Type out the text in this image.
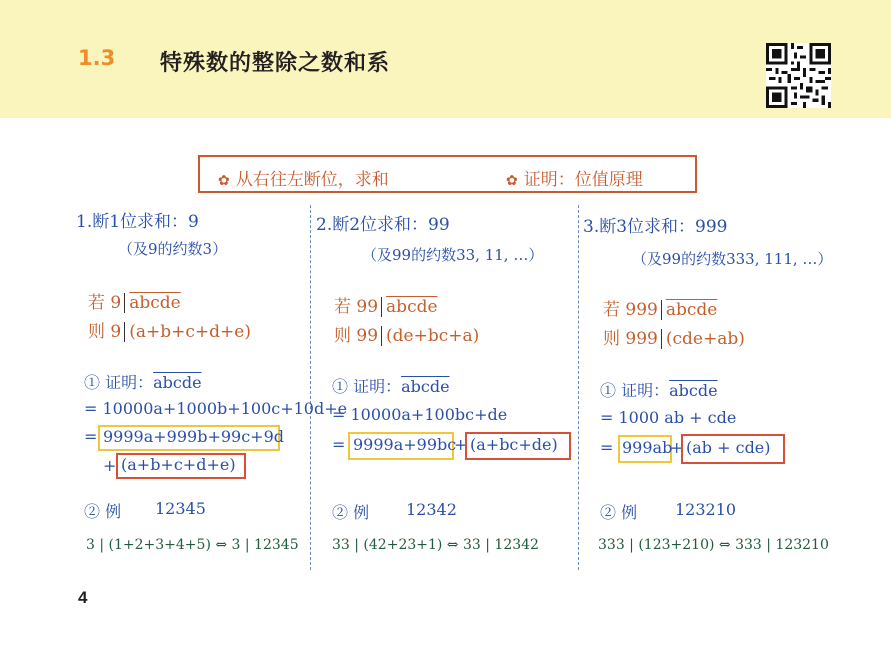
1.3 特殊数的整除之数和系
✿ 从右往左断位，求和	✿ 证明：位值原理
1.断1位求和：9
（及9的约数3）
若 9 abcde
则 9 (a+b+c+d+e)
① 证明：abcde
= 10000a+1000b+100c+10d+e
= 9999a+999b+99c+9d
+ (a+b+c+d+e)
② 例 12345
3 | (1+2+3+4+5) ⇔ 3 | 12345
2.断2位求和：99
（及99的约数33, 11, …）
若 99 abcde
则 99 (de+bc+a)
① 证明：abcde
= 10000a+100bc+de
= 9999a+99bc
+ (a+bc+de)
② 例 12342
33 | (42+23+1) ⇔ 33 | 12342
3.断3位求和：999
（及99的约数333, 111, …）
若 999 abcde
则 999 (cde+ab)
① 证明：abcde
= 1000 ab + cde
= 999ab
+ (ab + cde)
② 例 123210
333 | (123+210) ⇔ 333 | 123210
4
